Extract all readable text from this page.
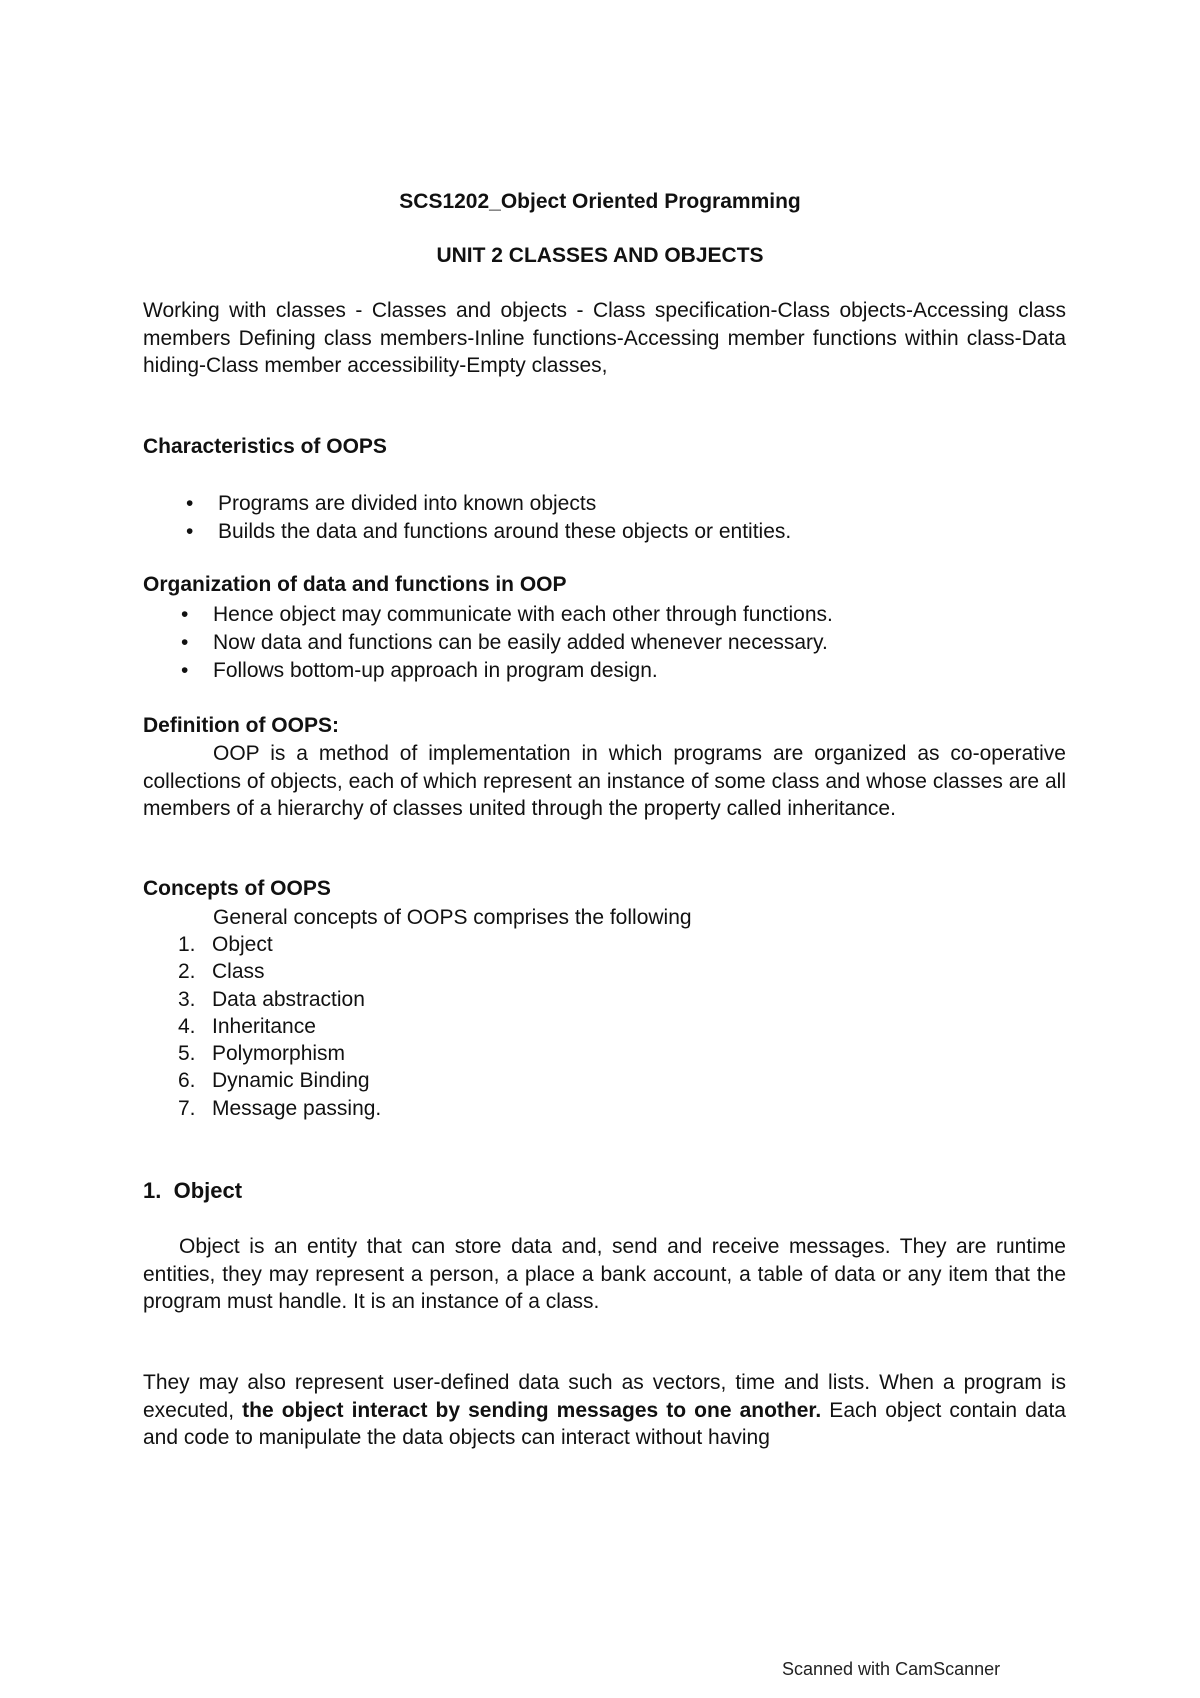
SCS1202_Object Oriented Programming
UNIT 2 CLASSES AND OBJECTS
Working with classes - Classes and objects - Class specification-Class objects-Accessing class members Defining class members-Inline functions-Accessing member functions within class-Data hiding-Class member accessibility-Empty classes,
Characteristics of OOPS
• Programs are divided into known objects
• Builds the data and functions around these objects or entities.
Organization of data and functions in OOP
• Hence object may communicate with each other through functions.
• Now data and functions can be easily added whenever necessary.
• Follows bottom-up approach in program design.
Definition of OOPS:
OOP is a method of implementation in which programs are organized as co-operative collections of objects, each of which represent an instance of some class and whose classes are all members of a hierarchy of classes united through the property called inheritance.
Concepts of OOPS
General concepts of OOPS comprises the following
1. Object
2. Class
3. Data abstraction
4. Inheritance
5. Polymorphism
6. Dynamic Binding
7. Message passing.
1. Object
Object is an entity that can store data and, send and receive messages. They are runtime entities, they may represent a person, a place a bank account, a table of data or any item that the program must handle. It is an instance of a class.
They may also represent user-defined data such as vectors, time and lists. When a program is executed, the object interact by sending messages to one another. Each object contain data and code to manipulate the data objects can interact without having
Scanned with CamScanner
